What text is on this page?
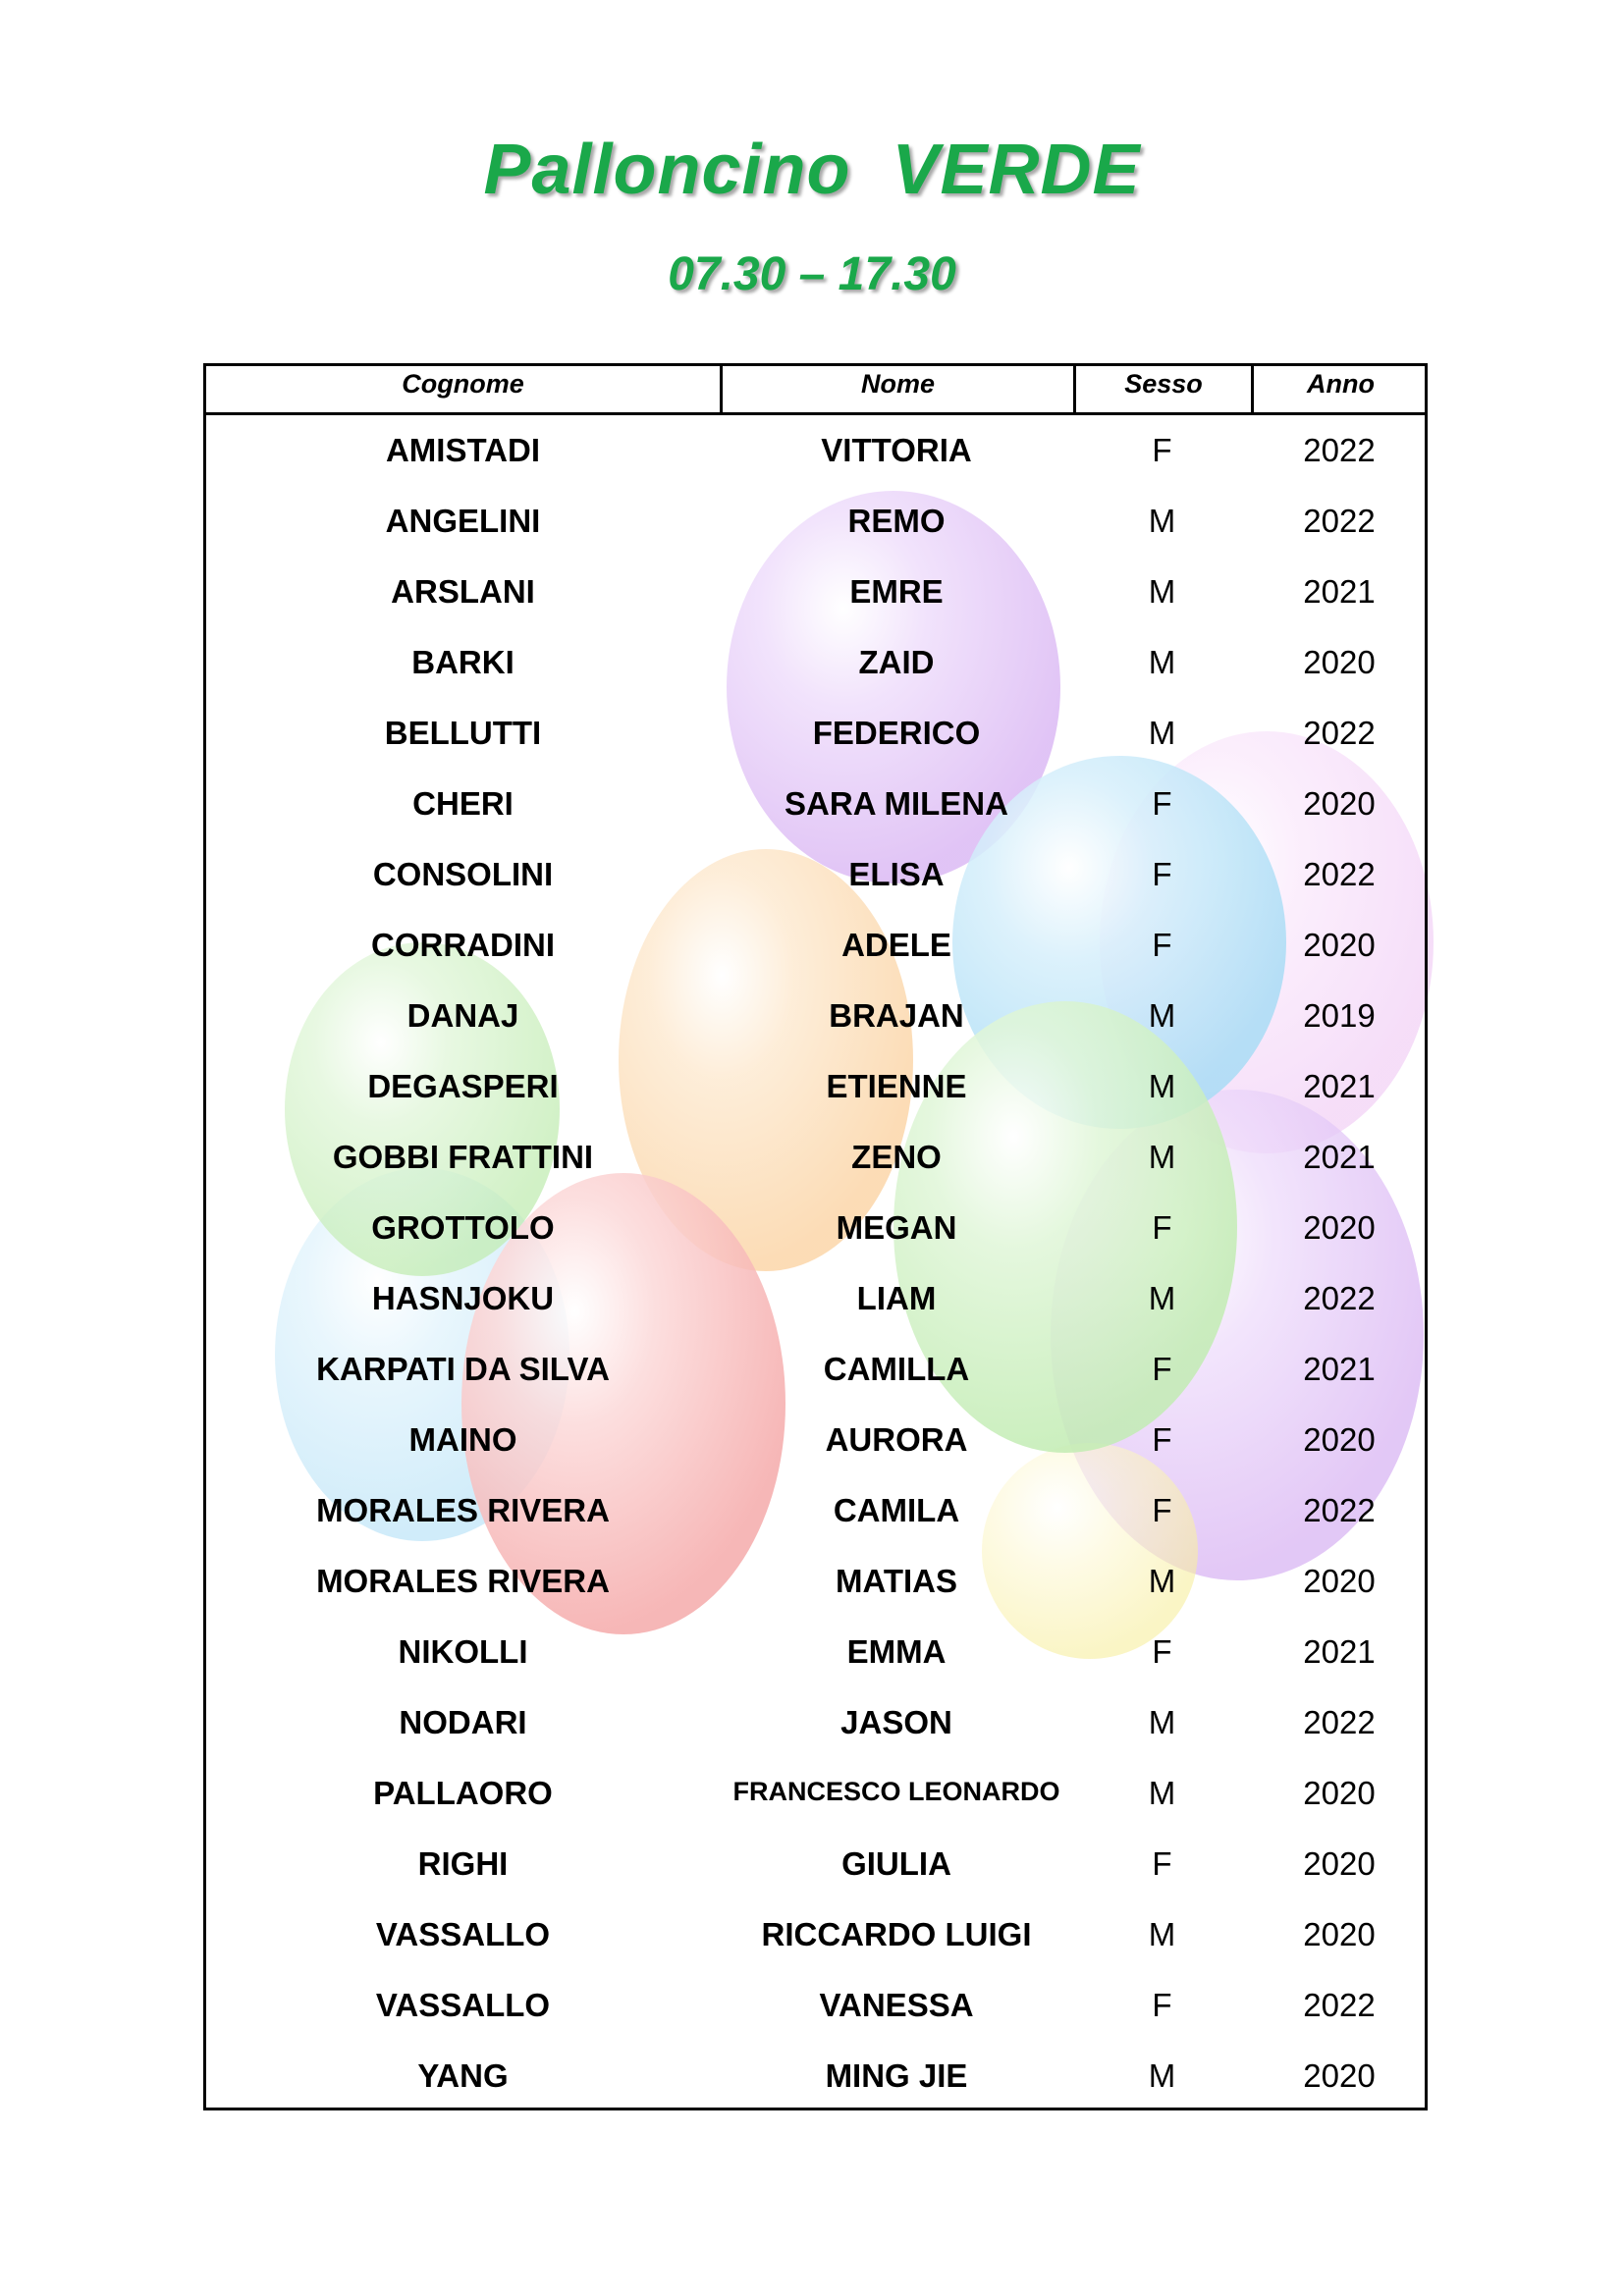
Palloncino  VERDE
07.30 – 17.30
Cognome	Nome	Sesso	Anno
AMISTADI	VITTORIA	F	2022
ANGELINI	REMO	M	2022
ARSLANI	EMRE	M	2021
BARKI	ZAID	M	2020
BELLUTTI	FEDERICO	M	2022
CHERI	SARA MILENA	F	2020
CONSOLINI	ELISA	F	2022
CORRADINI	ADELE	F	2020
DANAJ	BRAJAN	M	2019
DEGASPERI	ETIENNE	M	2021
GOBBI FRATTINI	ZENO	M	2021
GROTTOLO	MEGAN	F	2020
HASNJOKU	LIAM	M	2022
KARPATI DA SILVA	CAMILLA	F	2021
MAINO	AURORA	F	2020
MORALES RIVERA	CAMILA	F	2022
MORALES RIVERA	MATIAS	M	2020
NIKOLLI	EMMA	F	2021
NODARI	JASON	M	2022
PALLAORO	FRANCESCO LEONARDO	M	2020
RIGHI	GIULIA	F	2020
VASSALLO	RICCARDO LUIGI	M	2020
VASSALLO	VANESSA	F	2022
YANG	MING JIE	M	2020
